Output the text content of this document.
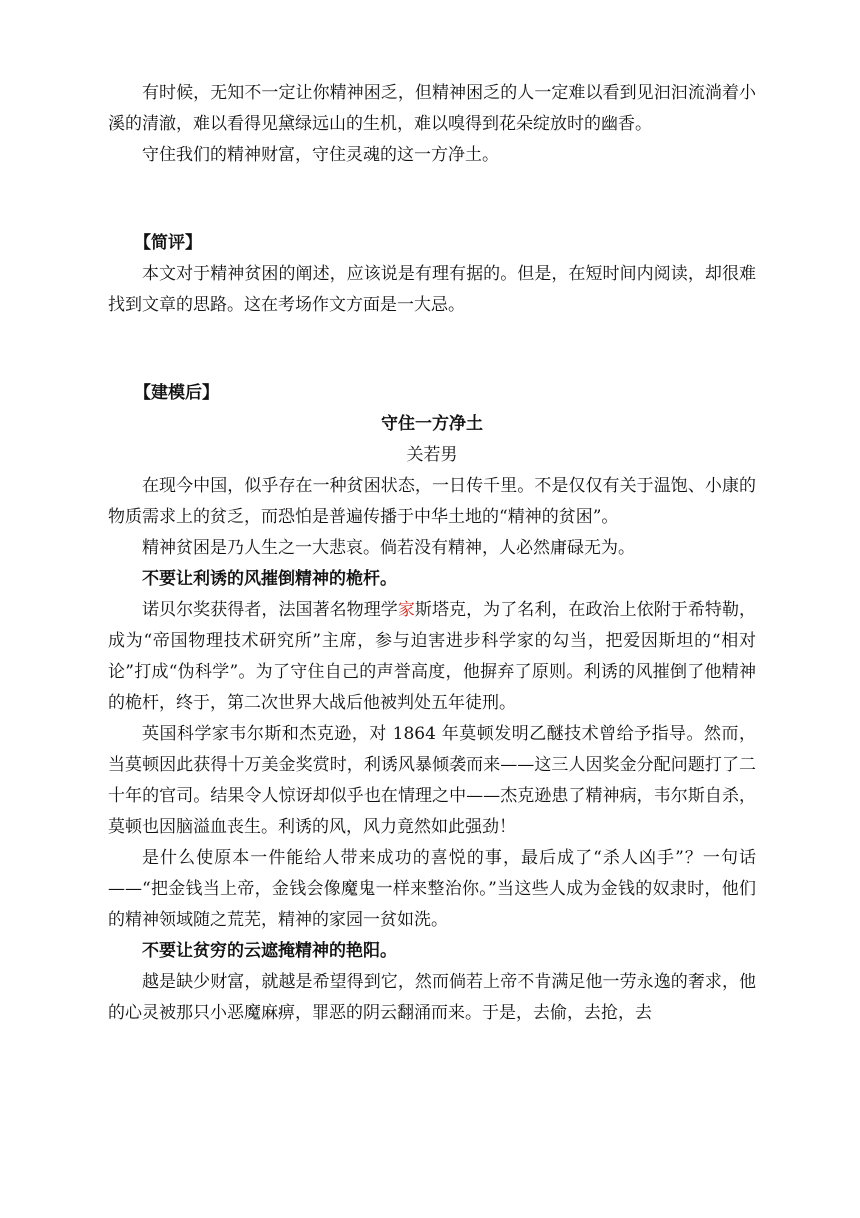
有时候，无知不一定让你精神困乏，但精神困乏的人一定难以看到见汩汩流淌着小溪的清澈，难以看得见黛绿远山的生机，难以嗅得到花朵绽放时的幽香。

守住我们的精神财富，守住灵魂的这一方净土。

【简评】

本文对于精神贫困的阐述，应该说是有理有据的。但是，在短时间内阅读，却很难找到文章的思路。这在考场作文方面是一大忌。

【建模后】

守住一方净土

关若男

在现今中国，似乎存在一种贫困状态，一日传千里。不是仅仅有关于温饱、小康的物质需求上的贫乏，而恐怕是普遍传播于中华土地的“精神的贫困”。

精神贫困是乃人生之一大悲哀。倘若没有精神，人必然庸碌无为。

不要让利诱的风摧倒精神的桅杆。

诺贝尔奖获得者，法国著名物理学家斯塔克，为了名利，在政治上依附于希特勒，成为“帝国物理技术研究所”主席，参与迫害进步科学家的勾当，把爱因斯坦的“相对论”打成“伪科学”。为了守住自己的声誉高度，他摒弃了原则。利诱的风摧倒了他精神的桅杆，终于，第二次世界大战后他被判处五年徒刑。

英国科学家韦尔斯和杰克逊，对 1864 年莫顿发明乙醚技术曾给予指导。然而，当莫顿因此获得十万美金奖赏时，利诱风暴倾袭而来——这三人因奖金分配问题打了二十年的官司。结果令人惊讶却似乎也在情理之中——杰克逊患了精神病，韦尔斯自杀，莫顿也因脑溢血丧生。利诱的风，风力竟然如此强劲！

是什么使原本一件能给人带来成功的喜悦的事，最后成了“杀人凶手”？一句话——“把金钱当上帝，金钱会像魔鬼一样来整治你。”当这些人成为金钱的奴隶时，他们的精神领域随之荒芜，精神的家园一贫如洗。

不要让贫穷的云遮掩精神的艳阳。

越是缺少财富，就越是希望得到它，然而倘若上帝不肯满足他一劳永逸的奢求，他的心灵被那只小恶魔麻痹，罪恶的阴云翻涌而来。于是，去偷，去抢，去
